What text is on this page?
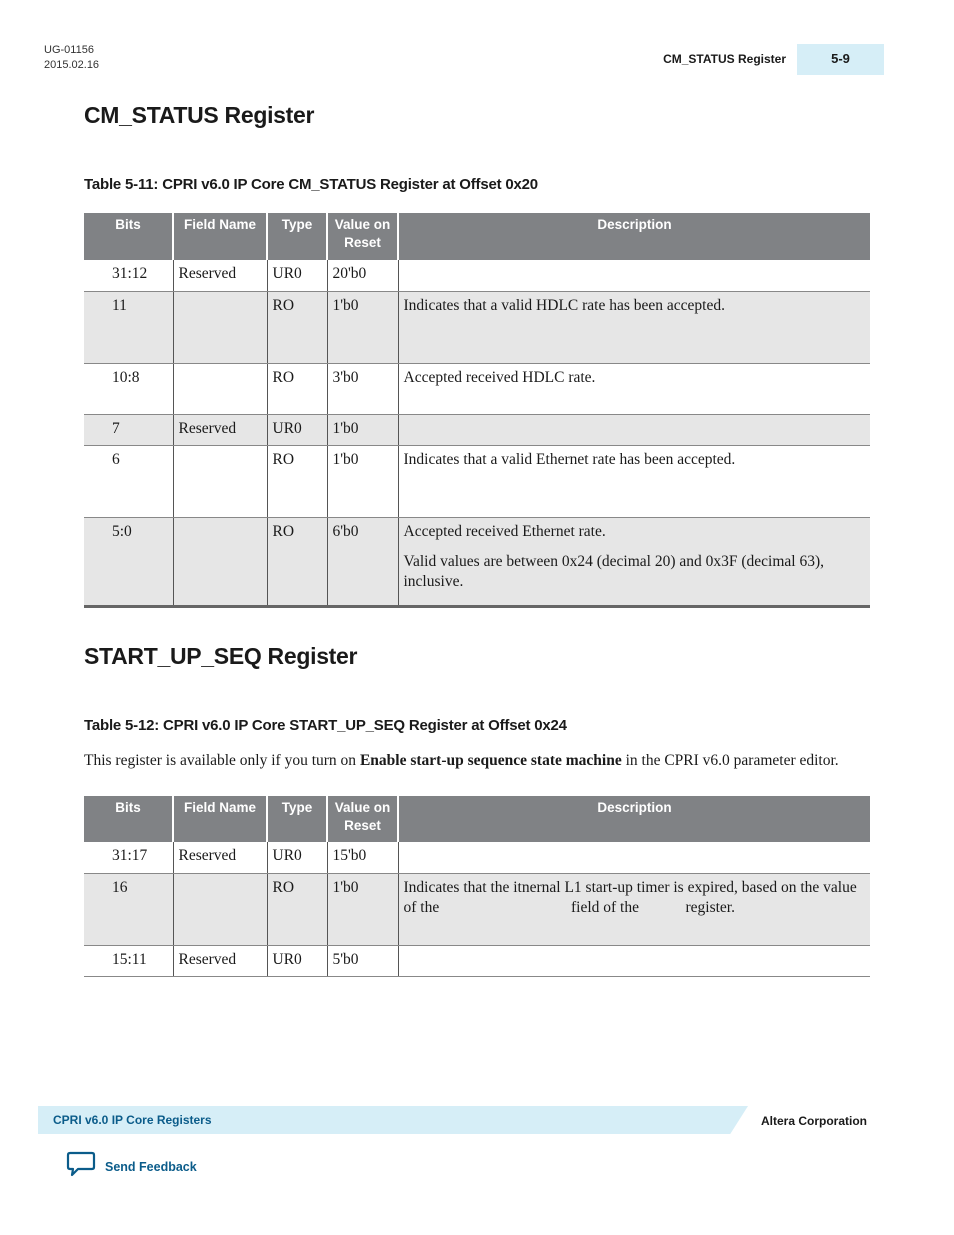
UG-01156
2015.02.16	CM_STATUS Register	5-9
CM_STATUS Register
Table 5-11: CPRI v6.0 IP Core CM_STATUS Register at Offset 0x20
Bits	Field Name	Type	Value on Reset	Description
31:12	Reserved	UR0	20'b0	
11		RO	1'b0	Indicates that a valid HDLC rate has been accepted.
10:8		RO	3'b0	Accepted received HDLC rate.
7	Reserved	UR0	1'b0	
6		RO	1'b0	Indicates that a valid Ethernet rate has been accepted.
5:0		RO	6'b0	Accepted received Ethernet rate.

Valid values are between 0x24 (decimal 20) and 0x3F (decimal 63), inclusive.

START_UP_SEQ Register
Table 5-12: CPRI v6.0 IP Core START_UP_SEQ Register at Offset 0x24
This register is available only if you turn on Enable start-up sequence state machine in the CPRI v6.0 parameter editor.
Bits	Field Name	Type	Value on Reset	Description
31:17	Reserved	UR0	15'b0	
16		RO	1'b0	Indicates that the itnernal L1 start-up timer is expired, based on the value of the                                  field of the            register.
15:11	Reserved	UR0	5'b0	
CPRI v6.0 IP Core Registers	Altera Corporation
Send Feedback
